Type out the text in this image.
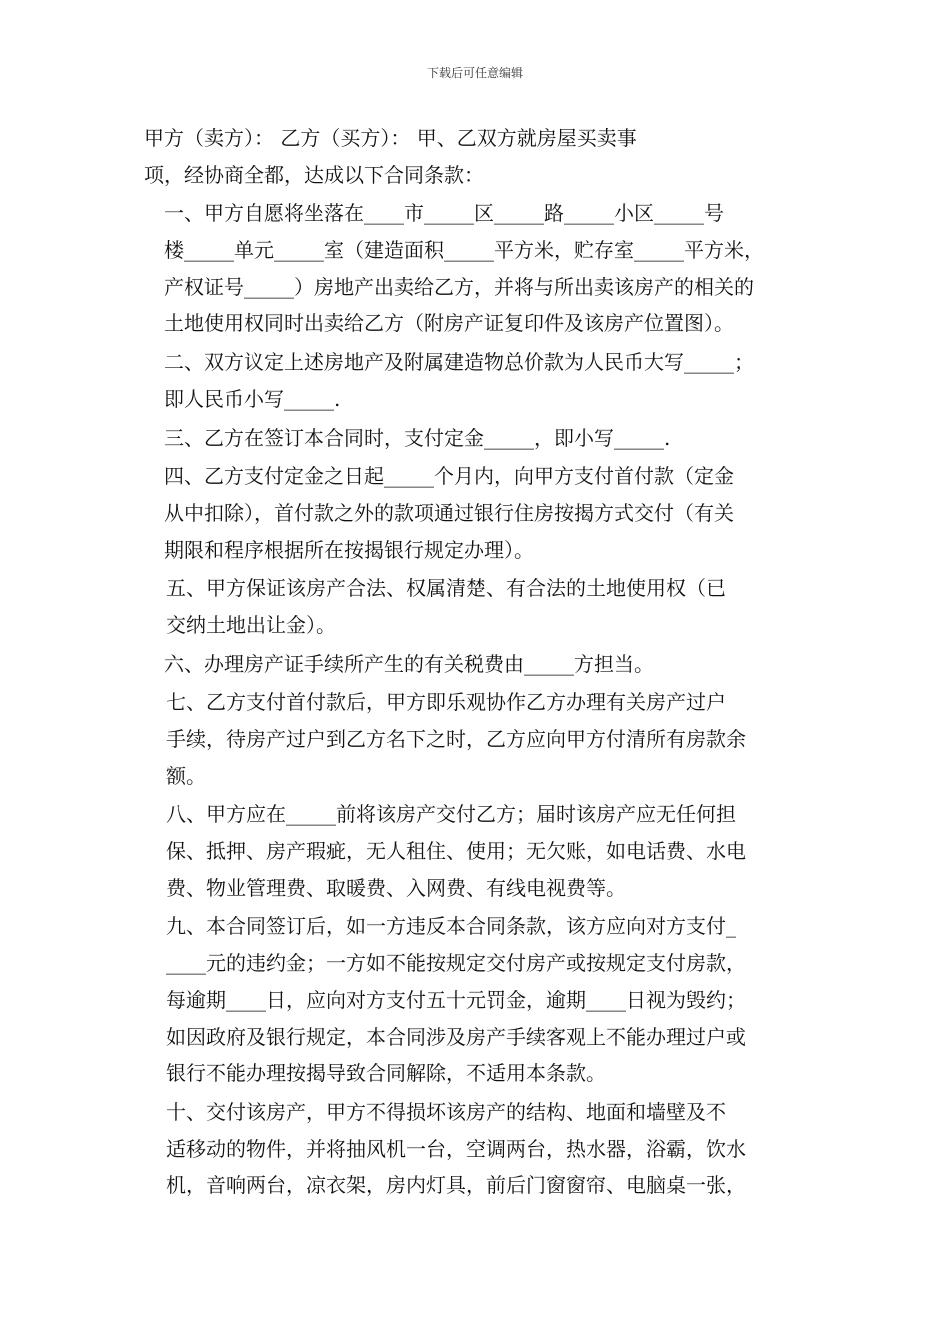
下载后可任意编辑
甲方（卖方）： 乙方（买方）： 甲、乙双方就房屋买卖事
项，经协商全都，达成以下合同条款：
一、甲方自愿将坐落在____市_____区_____路_____小区_____号
楼_____单元_____室（建造面积_____平方米，贮存室_____平方米，
产权证号_____）房地产出卖给乙方，并将与所出卖该房产的相关的
土地使用权同时出卖给乙方（附房产证复印件及该房产位置图）。
二、双方议定上述房地产及附属建造物总价款为人民币大写_____；
即人民币小写_____.
三、乙方在签订本合同时，支付定金_____，即小写_____.
四、乙方支付定金之日起_____个月内，向甲方支付首付款（定金
从中扣除），首付款之外的款项通过银行住房按揭方式交付（有关
期限和程序根据所在按揭银行规定办理）。
五、甲方保证该房产合法、权属清楚、有合法的土地使用权（已
交纳土地出让金）。
六、办理房产证手续所产生的有关税费由_____方担当。
七、乙方支付首付款后，甲方即乐观协作乙方办理有关房产过户
手续，待房产过户到乙方名下之时，乙方应向甲方付清所有房款余
额。
八、甲方应在_____前将该房产交付乙方；届时该房产应无任何担
保、抵押、房产瑕疵，无人租住、使用；无欠账，如电话费、水电
费、物业管理费、取暖费、入网费、有线电视费等。
九、本合同签订后，如一方违反本合同条款，该方应向对方支付_
____元的违约金；一方如不能按规定交付房产或按规定支付房款，
每逾期____日，应向对方支付五十元罚金，逾期____日视为毁约；
如因政府及银行规定，本合同涉及房产手续客观上不能办理过户或
银行不能办理按揭导致合同解除，不适用本条款。
十、交付该房产，甲方不得损坏该房产的结构、地面和墙壁及不
适移动的物件，并将抽风机一台，空调两台，热水器，浴霸，饮水
机，音响两台，凉衣架，房内灯具，前后门窗窗帘、电脑桌一张，
